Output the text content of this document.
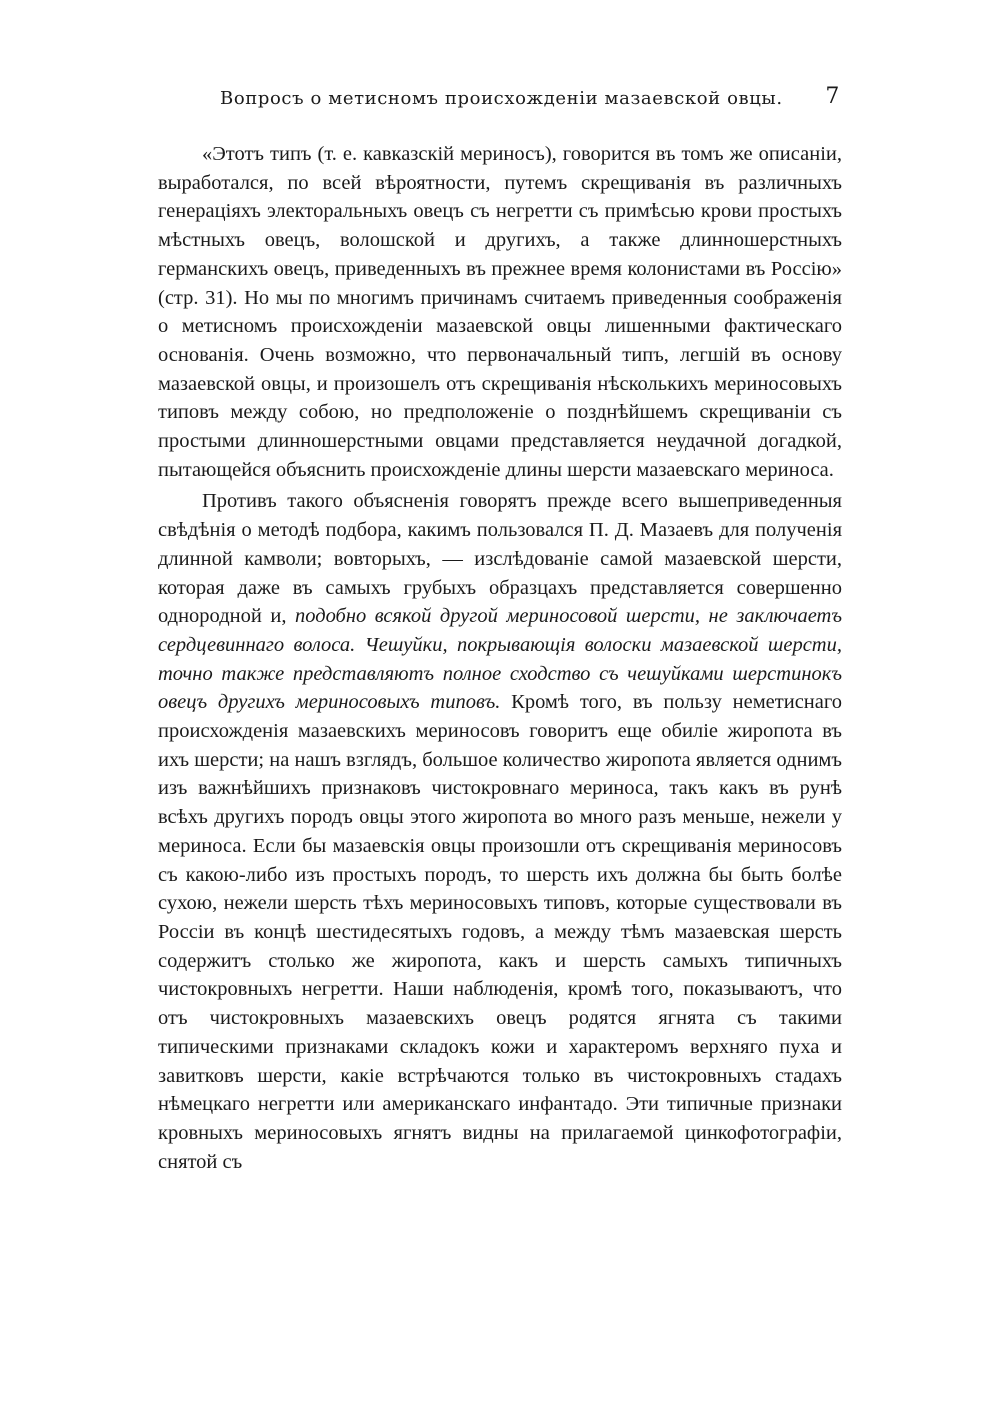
Вопросъ о метисномъ происхожденіи мазаевской овцы. 7

«Этотъ типъ (т. е. кавказскій мериносъ), говорится въ томъ же описаніи, выработался, по всей вѣроятности, путемъ скрещиванія въ различныхъ генераціяхъ электоральныхъ овецъ съ негретти съ примѣсью крови простыхъ мѣстныхъ овецъ, волошской и другихъ, а также длинношерстныхъ германскихъ овецъ, приведенныхъ въ прежнее время колонистами въ Россію» (стр. 31). Но мы по многимъ причинамъ считаемъ приведенныя соображенія о метисномъ происхожденіи мазаевской овцы лишенными фактическаго основанія. Очень возможно, что первоначальный типъ, легшій въ основу мазаевской овцы, и произошелъ отъ скрещиванія нѣсколькихъ мериносовыхъ типовъ между собою, но предположеніе о позднѣйшемъ скрещиваніи съ простыми длинношерстными овцами представляется неудачной догадкой, пытающейся объяснить происхожденіе длины шерсти мазаевскаго мериноса.

Противъ такого объясненія говорятъ прежде всего вышеприведенныя свѣдѣнія о методѣ подбора, какимъ пользовался П. Д. Мазаевъ для полученія длинной камволи; вовторыхъ, — изслѣдованіе самой мазаевской шерсти, которая даже въ самыхъ грубыхъ образцахъ представляется совершенно однородной и, подобно всякой другой мериносовой шерсти, не заключаетъ сердцевиннаго волоса. Чешуйки, покрывающія волоски мазаевской шерсти, точно также представляютъ полное сходство съ чешуйками шерстинокъ овецъ другихъ мериносовыхъ типовъ. Кромѣ того, въ пользу неметиснаго происхожденія мазаевскихъ мериносовъ говоритъ еще обиліе жиропота въ ихъ шерсти; на нашъ взглядъ, большое количество жиропота является однимъ изъ важнѣйшихъ признаковъ чистокровнаго мериноса, такъ какъ въ рунѣ всѣхъ другихъ породъ овцы этого жиропота во много разъ меньше, нежели у мериноса. Если бы мазаевскія овцы произошли отъ скрещиванія мериносовъ съ какою-либо изъ простыхъ породъ, то шерсть ихъ должна бы быть болѣе сухою, нежели шерсть тѣхъ мериносовыхъ типовъ, которые существовали въ Россіи въ концѣ шестидесятыхъ годовъ, а между тѣмъ мазаевская шерсть содержитъ столько же жиропота, какъ и шерсть самыхъ типичныхъ чистокровныхъ негретти. Наши наблюденія, кромѣ того, показываютъ, что отъ чистокровныхъ мазаевскихъ овецъ родятся ягнята съ такими типическими признаками складокъ кожи и характеромъ верхняго пуха и завитковъ шерсти, какіе встрѣчаются только въ чистокровныхъ стадахъ нѣмецкаго негретти или американскаго инфантадо. Эти типичные признаки кровныхъ мериносовыхъ ягнятъ видны на прилагаемой цинкофотографіи, снятой съ
